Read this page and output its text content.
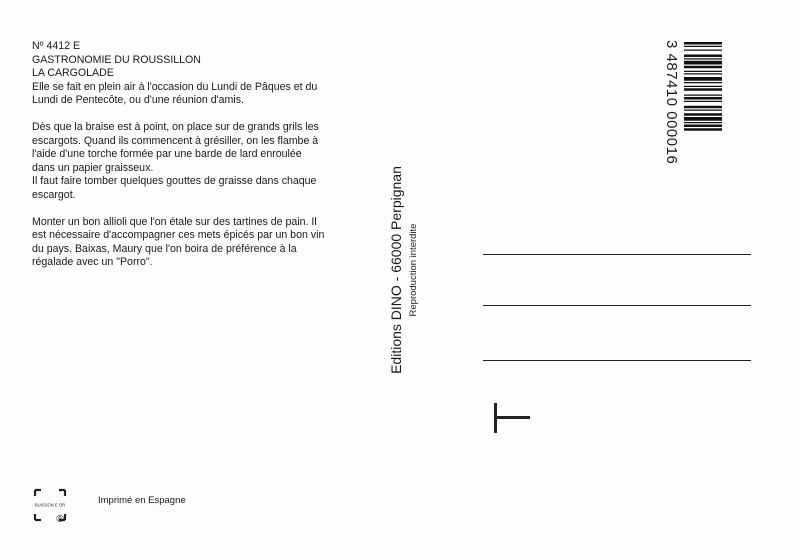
Nº 4412 E
GASTRONOMIE DU ROUSSILLON
LA CARGOLADE
Elle se fait en plein air à l'occasion du Lundi de Pâques et du
Lundi de Pentecôte, ou d'une réunion d'amis.
Dès que la braise est à point, on place sur de grands grils les
escargots. Quand ils commencent à grésiller, on les flambe à
l'aide d'une torche formée par une barde de lard enroulée
dans un papier graisseux.
Il faut faire tomber quelques gouttes de graisse dans chaque
escargot.
Monter un bon allioli que l'on étale sur des tartines de pain. Il
est nécessaire d'accompagner ces mets épicés par un bon vin
du pays. Baixas, Maury que l'on boira de préférence à la
régalade avec un "Porro".	Editions DINO - 66000 Perpignan Reproduction interdite
3 487410 000016
BUISSON E OR
®
Imprimé en Espagne
